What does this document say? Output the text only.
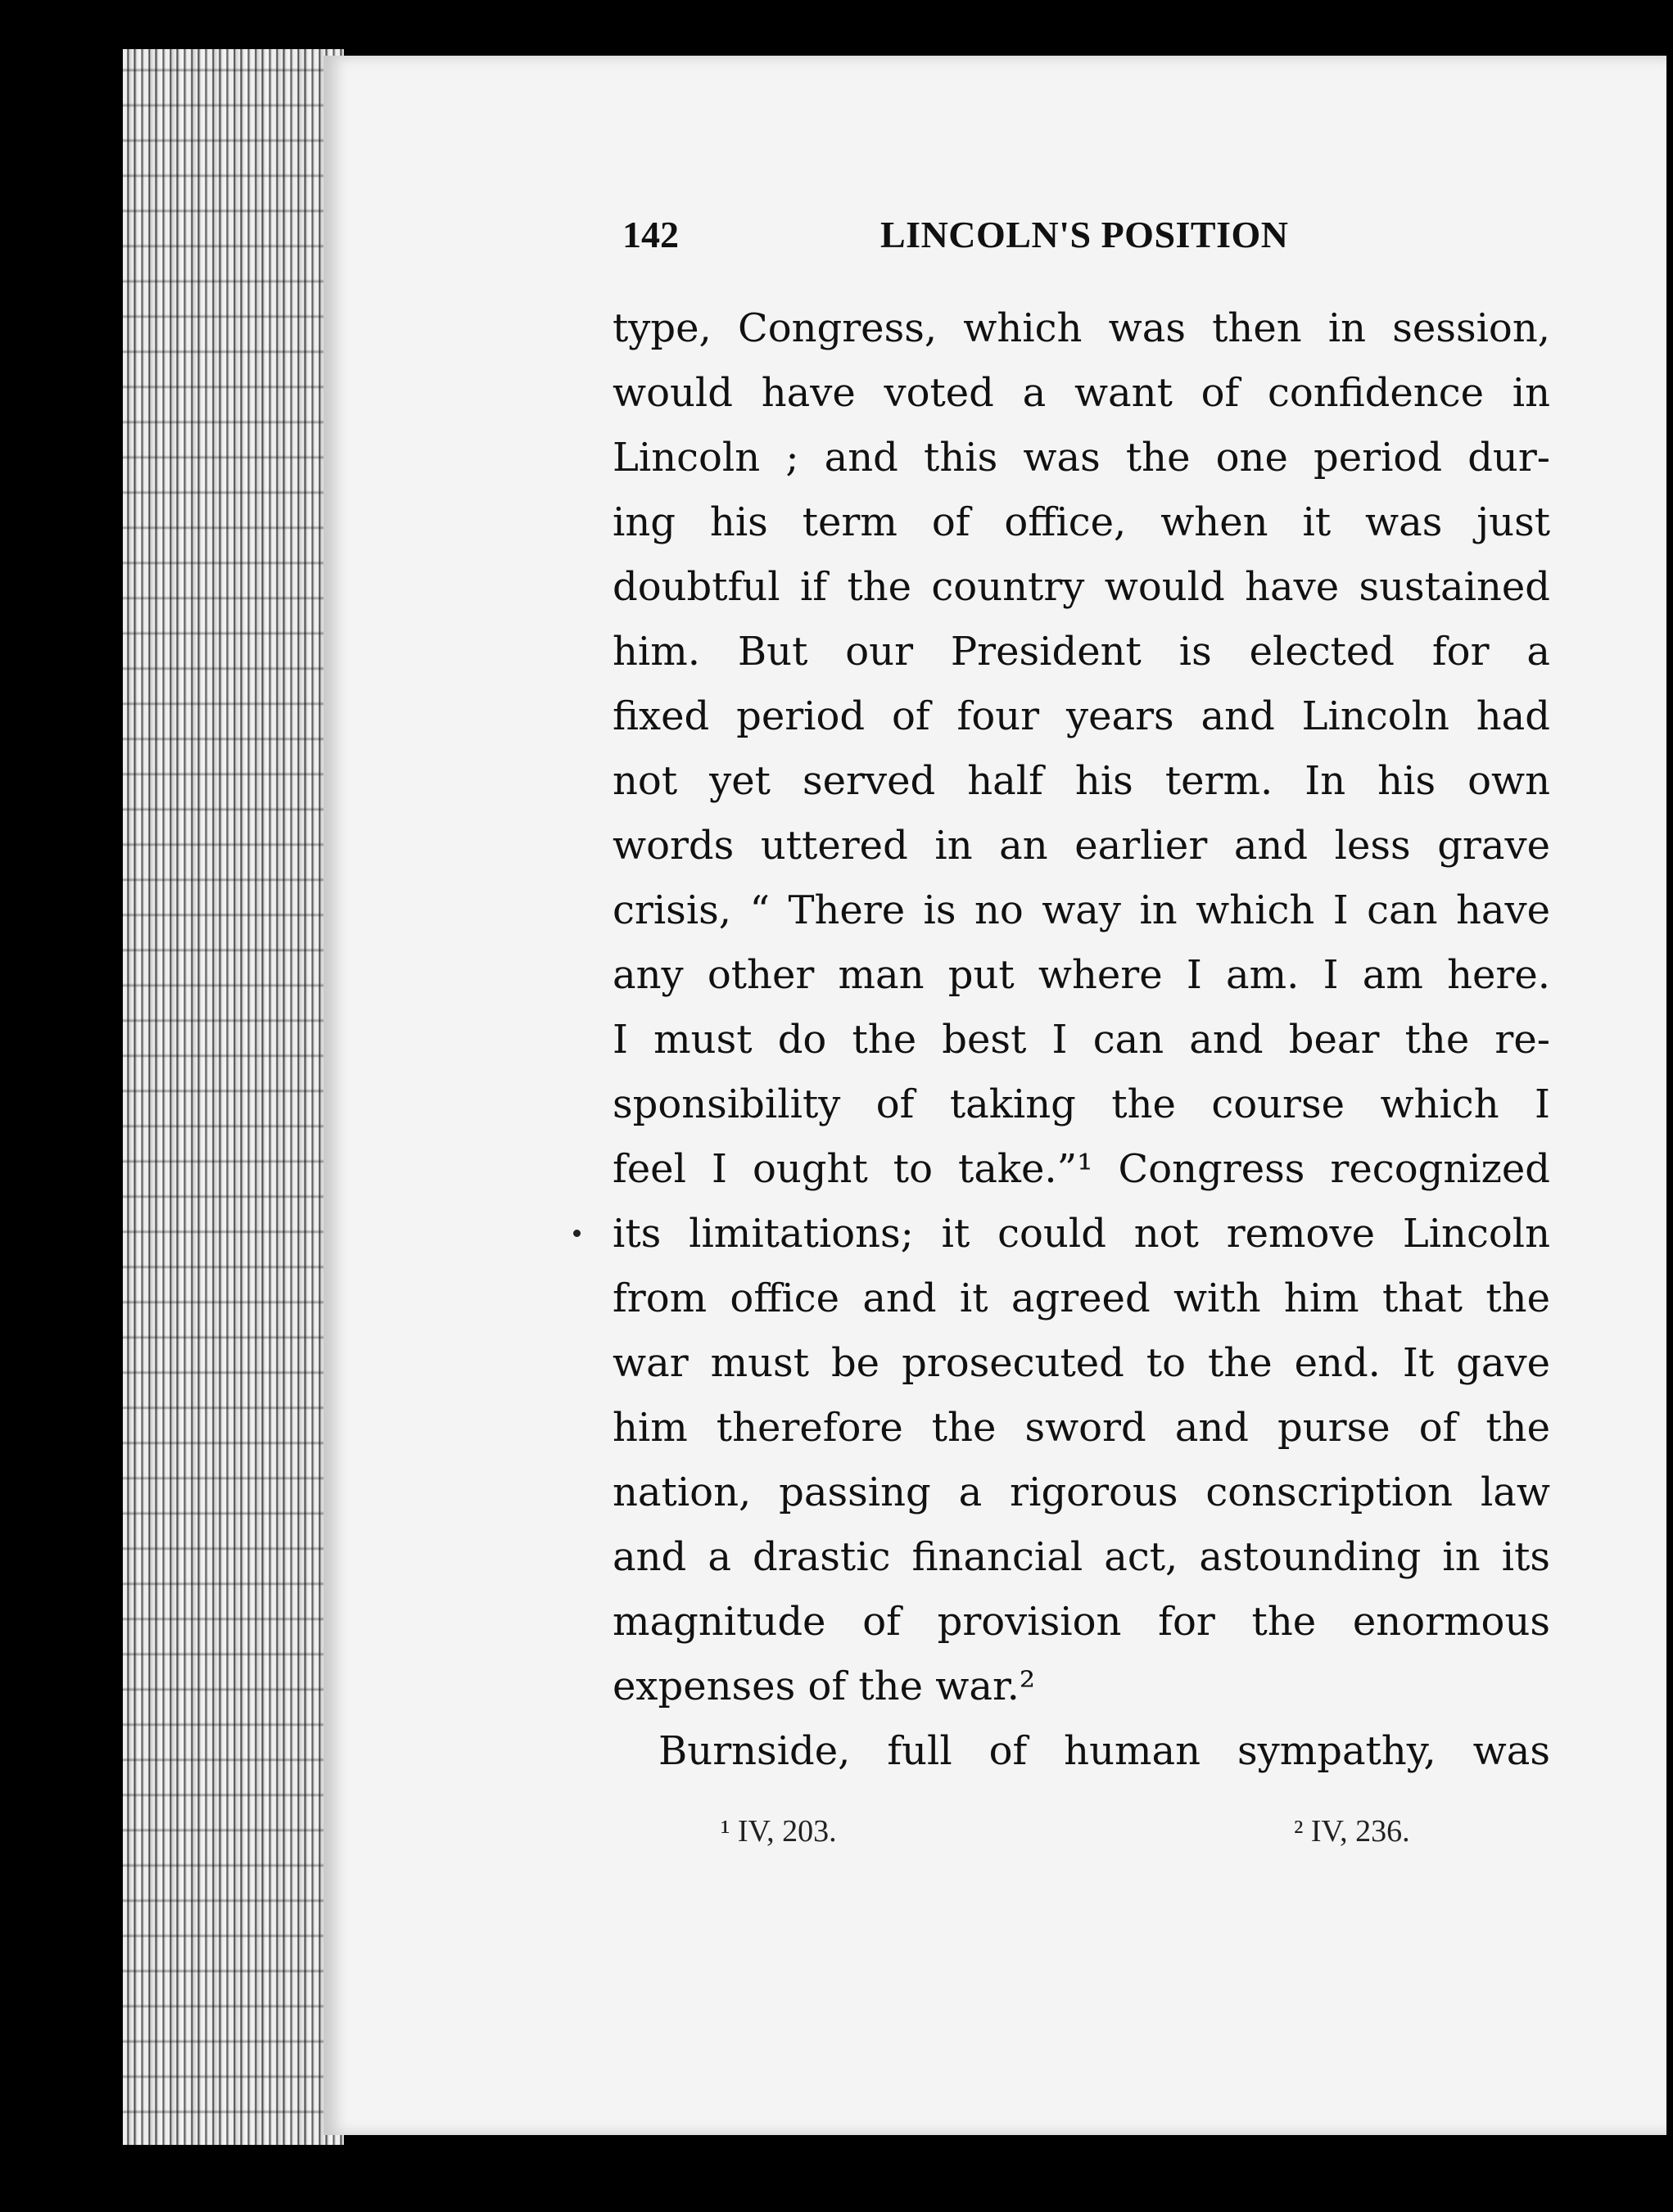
142	LINCOLN'S POSITION
type, Congress, which was then in session,
would have voted a want of confidence in
Lincoln ; and this was the one period dur-
ing his term of office, when it was just
doubtful if the country would have sustained
him. But our President is elected for a
fixed period of four years and Lincoln had
not yet served half his term. In his own
words uttered in an earlier and less grave
crisis, “ There is no way in which I can have
any other man put where I am. I am here.
I must do the best I can and bear the re-
sponsibility of taking the course which I
feel I ought to take.”¹ Congress recognized
its limitations; it could not remove Lincoln
from office and it agreed with him that the
war must be prosecuted to the end. It gave
him therefore the sword and purse of the
nation, passing a rigorous conscription law
and a drastic financial act, astounding in its
magnitude of provision for the enormous
expenses of the war.²
Burnside, full of human sympathy, was
¹ IV, 203.	² IV, 236.
